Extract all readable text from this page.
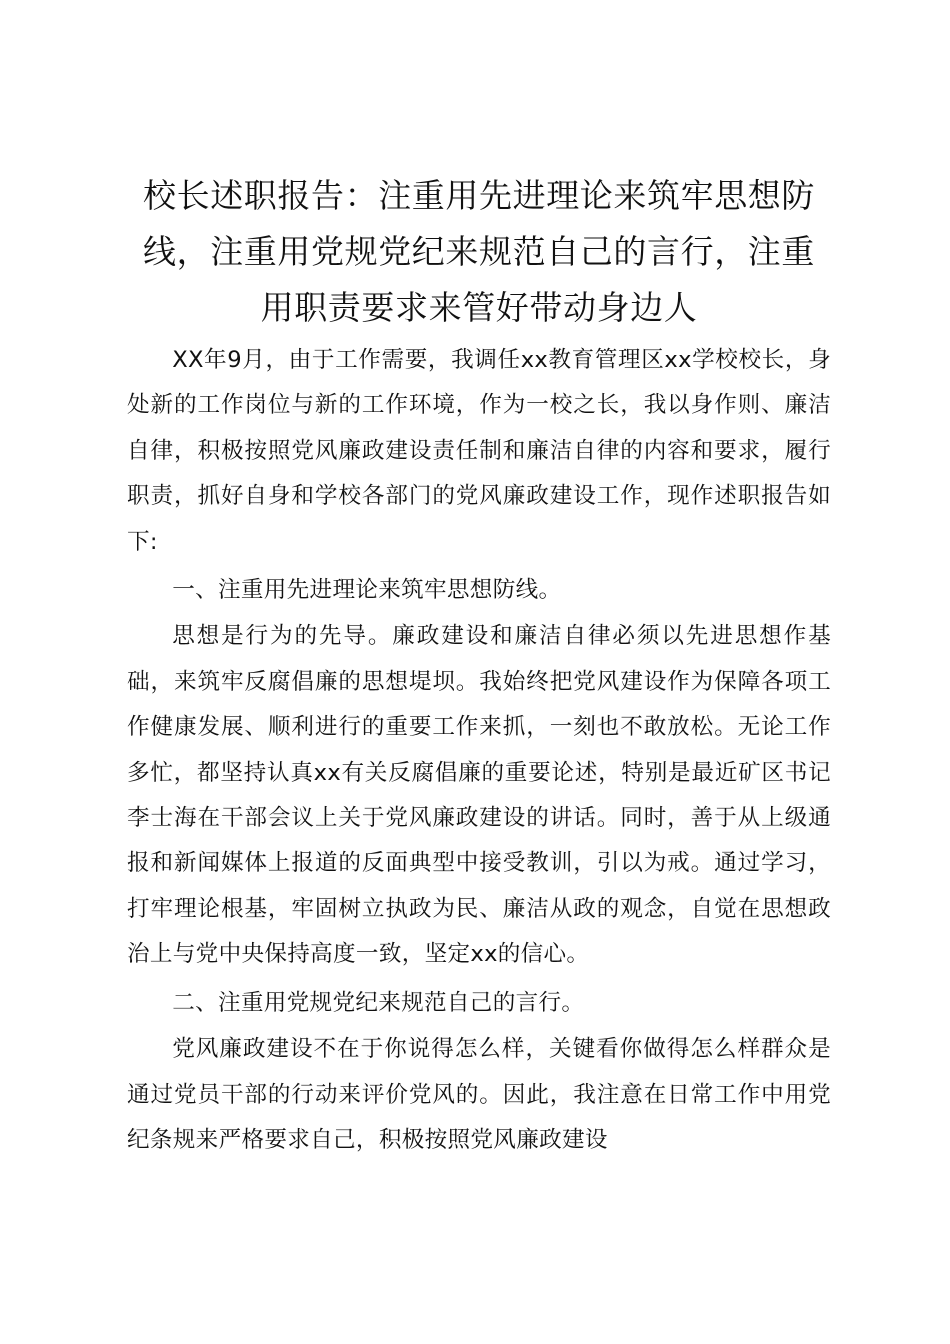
校长述职报告：注重用先进理论来筑牢思想防线，注重用党规党纪来规范自己的言行，注重用职责要求来管好带动身边人

XX年9月，由于工作需要，我调任xx教育管理区xx学校校长，身处新的工作岗位与新的工作环境，作为一校之长，我以身作则、廉洁自律，积极按照党风廉政建设责任制和廉洁自律的内容和要求，履行职责，抓好自身和学校各部门的党风廉政建设工作，现作述职报告如下:

一、注重用先进理论来筑牢思想防线。

思想是行为的先导。廉政建设和廉洁自律必须以先进思想作基础，来筑牢反腐倡廉的思想堤坝。我始终把党风建设作为保障各项工作健康发展、顺利进行的重要工作来抓，一刻也不敢放松。无论工作多忙，都坚持认真xx有关反腐倡廉的重要论述，特别是最近矿区书记李士海在干部会议上关于党风廉政建设的讲话。同时，善于从上级通报和新闻媒体上报道的反面典型中接受教训，引以为戒。通过学习，打牢理论根基，牢固树立执政为民、廉洁从政的观念，自觉在思想政治上与党中央保持高度一致，坚定xx的信心。

二、注重用党规党纪来规范自己的言行。

党风廉政建设不在于你说得怎么样，关键看你做得怎么样群众是通过党员干部的行动来评价党风的。因此，我注意在日常工作中用党纪条规来严格要求自己，积极按照党风廉政建设
